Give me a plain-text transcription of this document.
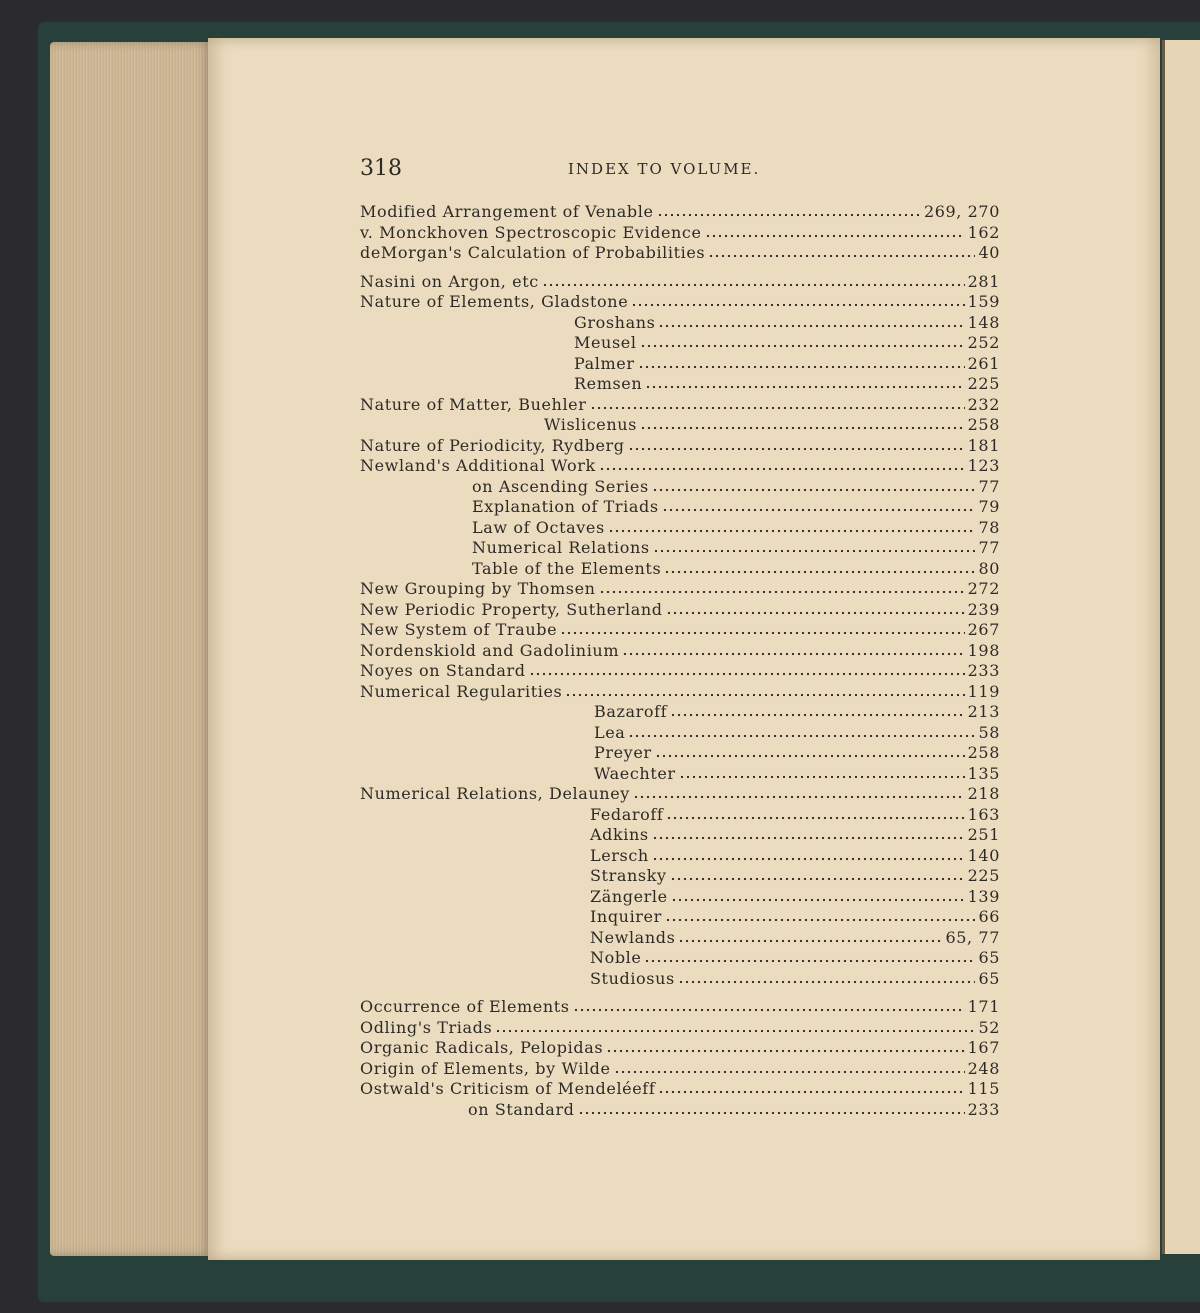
318	INDEX TO VOLUME.
Modified Arrangement of Venable	269, 270
v. Monckhoven Spectroscopic Evidence	162
deMorgan's Calculation of Probabilities	40
Nasini on Argon, etc	281
Nature of Elements, Gladstone	159
Groshans	148
Meusel	252
Palmer	261
Remsen	225
Nature of Matter, Buehler	232
Wislicenus	258
Nature of Periodicity, Rydberg	181
Newland's Additional Work	123
on Ascending Series	77
Explanation of Triads	79
Law of Octaves	78
Numerical Relations	77
Table of the Elements	80
New Grouping by Thomsen	272
New Periodic Property, Sutherland	239
New System of Traube	267
Nordenskiold and Gadolinium	198
Noyes on Standard	233
Numerical Regularities	119
Bazaroff	213
Lea	58
Preyer	258
Waechter	135
Numerical Relations, Delauney	218
Fedaroff	163
Adkins	251
Lersch	140
Stransky	225
Zängerle	139
Inquirer	66
Newlands	65, 77
Noble	65
Studiosus	65
Occurrence of Elements	171
Odling's Triads	52
Organic Radicals, Pelopidas	167
Origin of Elements, by Wilde	248
Ostwald's Criticism of Mendeléeff	115
on Standard	233
